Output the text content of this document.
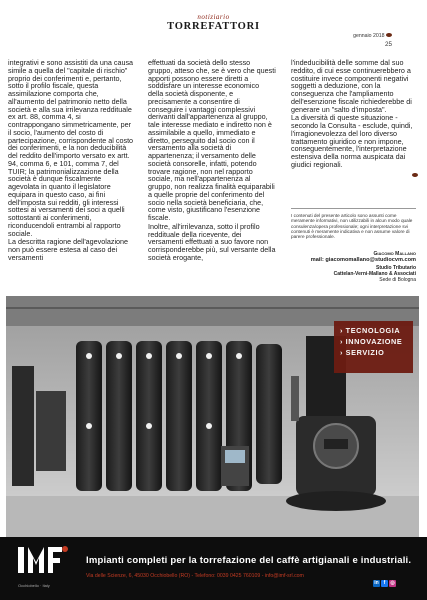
notiziario
TORREFATTORI
gennaio 2018
25

integrativi e sono assistiti da una causa simile a quella del "capitale di rischio" proprio dei conferimenti e, pertanto, sotto il profilo fiscale, questa assimilazione comporta che, all'aumento del patrimonio netto della società e alla sua irrilevanza reddituale ex art. 88, comma 4, si contrappongano simmetricamente, per il socio, l'aumento del costo di partecipazione, corrispondente al costo dei conferimenti, e la non deducibilità del reddito dell'importo versato ex artt. 94, comma 6, e 101, comma 7, del TUIR; la patrimonializzazione della società è dunque fiscalmente agevolata in quanto il legislatore equipara in questo caso, ai fini dell'imposta sui redditi, gli interessi sottesi ai versamenti dei soci a quelli sottostanti ai conferimenti, riconducendoli entrambi al rapporto sociale.

La descritta ragione dell'agevolazione non può essere estesa al caso dei versamenti

effettuati da società dello stesso gruppo, atteso che, se è vero che questi apporti possono essere diretti a soddisfare un interesse economico della società disponente, e precisamente a consentire di conseguire i vantaggi complessivi derivanti dall'appartenenza al gruppo, tale interesse mediato e indiretto non è assimilabile a quello, immediato e diretto, perseguito dal socio con il versamento alla società di appartenenza; il versamento delle società consorelle, infatti, potendo trovare ragione, non nel rapporto sociale, ma nell'appartenenza al gruppo, non realizza finalità equiparabili a quelle proprie del conferimento del socio nella società beneficiaria, che, come visto, giustificano l'esenzione fiscale.

Inoltre, all'irrilevanza, sotto il profilo reddituale della ricevente, dei versamenti effettuati a suo favore non corrisponderebbe più, sul versante della società erogante,

l'indeducibilità delle somme dal suo reddito, di cui esse continuerebbero a costituire invece componenti negativi soggetti a deduzione, con la conseguenza che l'ampliamento dell'esenzione fiscale richiederebbe di generare un "salto d'imposta".

La diversità di queste situazione - secondo la Consulta - esclude, quindi, l'irragionevolezza del loro diverso trattamento giuridico e non impone, conseguentemente, l'interpretazione estensiva della norma auspicata dai giudici regionali.

I contenuti del presente articolo sono assunti come meramente informativi, non utilizzabili in alcun modo quale consulenza/opera professionale; ogni interpretazione svi contenuti è meramente indicativa e non assume valore di parere professionale.
Giacomo Mallano
mail: giacomomallano@studiocvm.com
Studio Tributario
Cattelan-Verni-Mallano & Associati
Sede di Bologna
› TECNOLOGIA
› INNOVAZIONE
› SERVIZIO
Occhiobello · Italy
Impianti completi per la torrefazione del caffè artigianali e industriali.
Via delle Scienze, 6, 45030 Occhiobello (RO) - Telefono: 0039 0425 760109 - info@imf-srl.com
in f ◎
